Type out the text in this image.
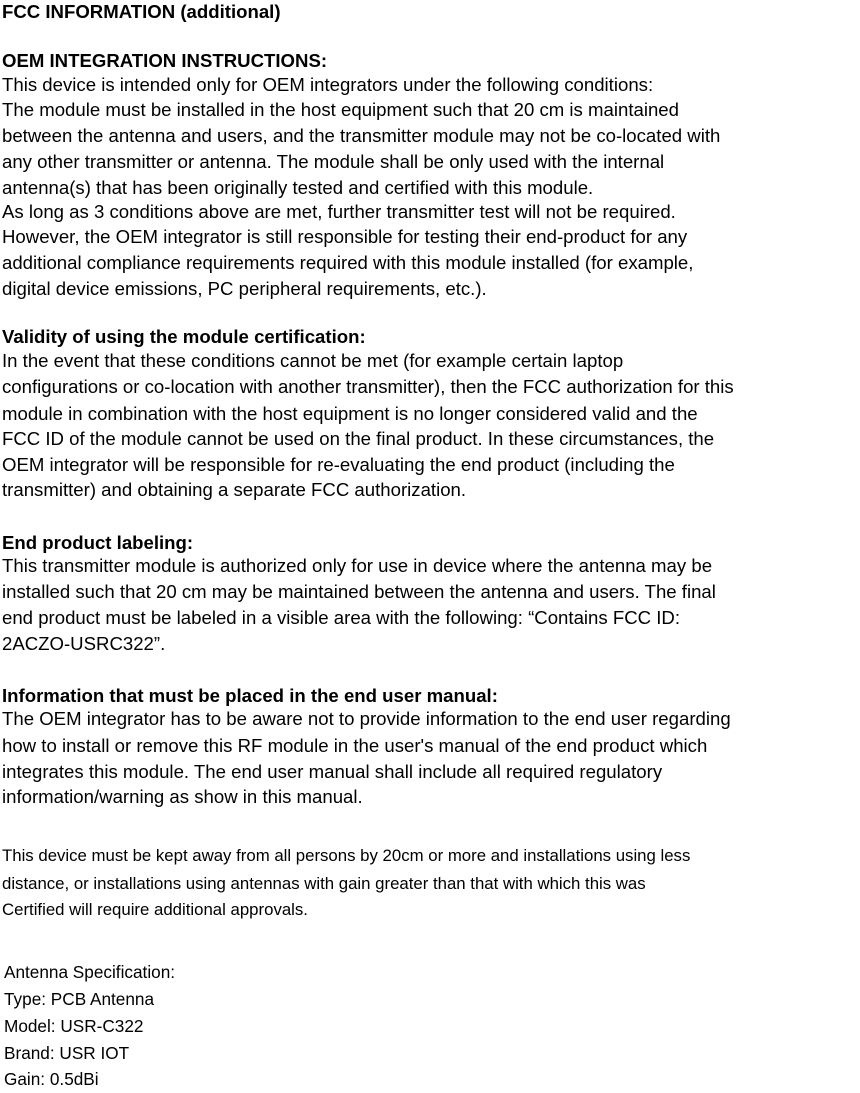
FCC INFORMATION (additional)
OEM INTEGRATION INSTRUCTIONS:
This device is intended only for OEM integrators under the following conditions:
The module must be installed in the host equipment such that 20 cm is maintained
between the antenna and users, and the transmitter module may not be co-located with
any other transmitter or antenna. The module shall be only used with the internal
antenna(s) that has been originally tested and certified with this module.
As long as 3 conditions above are met, further transmitter test will not be required.
However, the OEM integrator is still responsible for testing their end-product for any
additional compliance requirements required with this module installed (for example,
digital device emissions, PC peripheral requirements, etc.).
Validity of using the module certification:
In the event that these conditions cannot be met (for example certain laptop
configurations or co-location with another transmitter), then the FCC authorization for this
module in combination with the host equipment is no longer considered valid and the
FCC ID of the module cannot be used on the final product. In these circumstances, the
OEM integrator will be responsible for re-evaluating the end product (including the
transmitter) and obtaining a separate FCC authorization.
End product labeling:
This transmitter module is authorized only for use in device where the antenna may be
installed such that 20 cm may be maintained between the antenna and users. The final
end product must be labeled in a visible area with the following: “Contains FCC ID:
2ACZO-USRC322”.
Information that must be placed in the end user manual:
The OEM integrator has to be aware not to provide information to the end user regarding
how to install or remove this RF module in the user's manual of the end product which
integrates this module. The end user manual shall include all required regulatory
information/warning as show in this manual.
This device must be kept away from all persons by 20cm or more and installations using less
distance, or installations using antennas with gain greater than that with which this was
Certified will require additional approvals.
Antenna Specification:
Type: PCB Antenna
Model: USR-C322
Brand: USR IOT
Gain: 0.5dBi
